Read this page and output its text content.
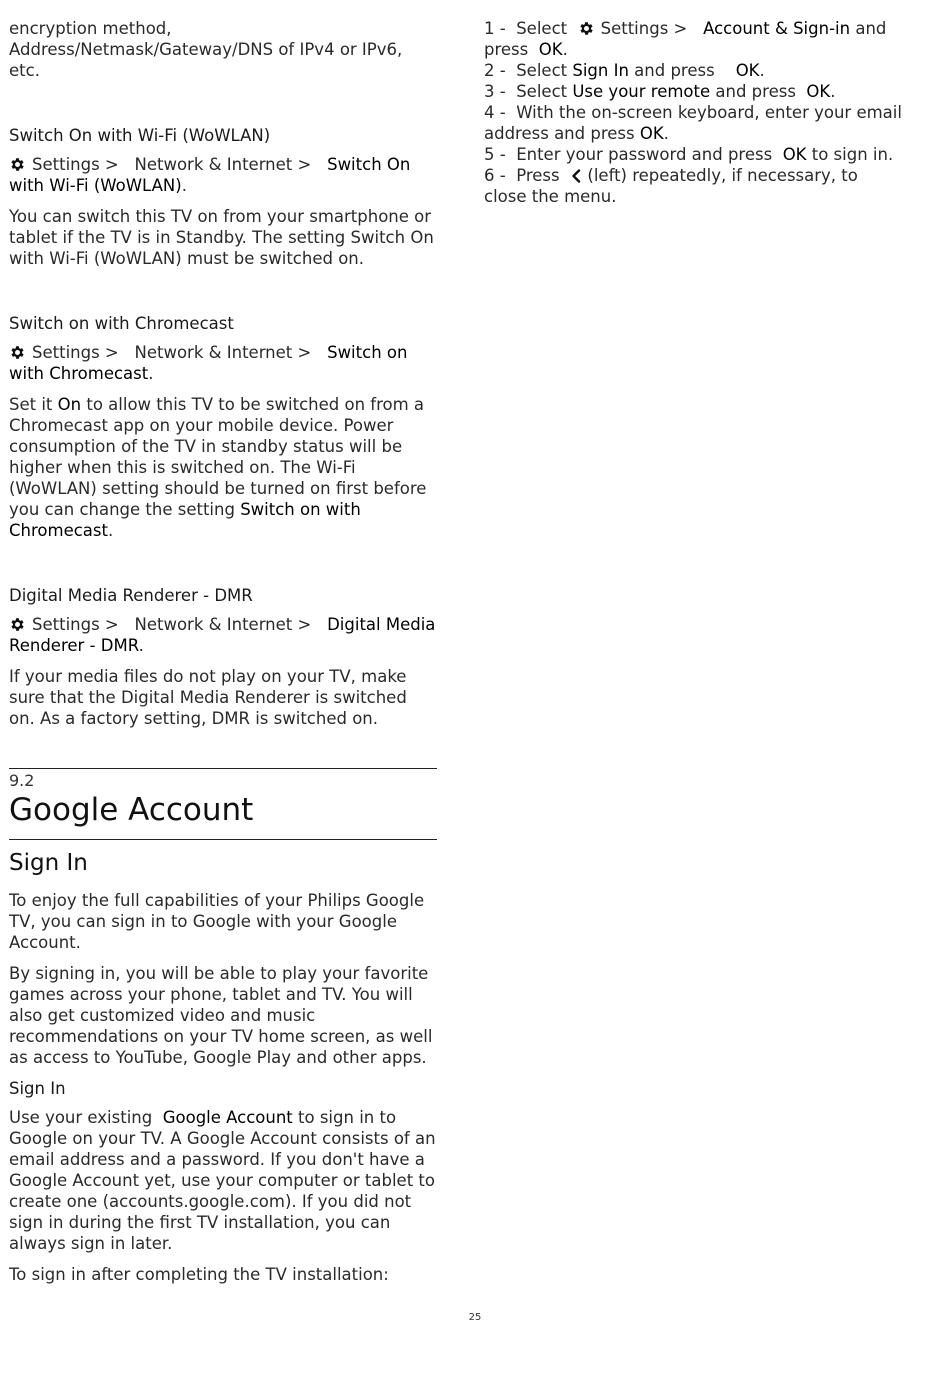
encryption method, Address/Netmask/Gateway/DNS of IPv4 or IPv6, etc.

Switch On with Wi-Fi (WoWLAN)

Settings > Network & Internet > Switch On with Wi-Fi (WoWLAN).

You can switch this TV on from your smartphone or tablet if the TV is in Standby. The setting Switch On with Wi-Fi (WoWLAN) must be switched on.

Switch on with Chromecast

Settings > Network & Internet > Switch on with Chromecast.

Set it On to allow this TV to be switched on from a Chromecast app on your mobile device. Power consumption of the TV in standby status will be higher when this is switched on. The Wi-Fi (WoWLAN) setting should be turned on first before you can change the setting Switch on with Chromecast.

Digital Media Renderer - DMR

Settings > Network & Internet > Digital Media Renderer - DMR.

If your media files do not play on your TV, make sure that the Digital Media Renderer is switched on. As a factory setting, DMR is switched on.

9.2
Google Account
Sign In

To enjoy the full capabilities of your Philips Google TV, you can sign in to Google with your Google Account.

By signing in, you will be able to play your favorite games across your phone, tablet and TV. You will also get customized video and music recommendations on your TV home screen, as well as access to YouTube, Google Play and other apps.

Sign In

Use your existing Google Account to sign in to Google on your TV. A Google Account consists of an email address and a password. If you don't have a Google Account yet, use your computer or tablet to create one (accounts.google.com). If you did not sign in during the first TV installation, you can always sign in later.

To sign in after completing the TV installation:

1 - Select Settings > Account & Sign-in and press OK.

2 - Select Sign In and press OK.

3 - Select Use your remote and press OK.

4 - With the on-screen keyboard, enter your email address and press OK.

5 - Enter your password and press OK to sign in.

6 - Press (left) repeatedly, if necessary, to close the menu.

25
